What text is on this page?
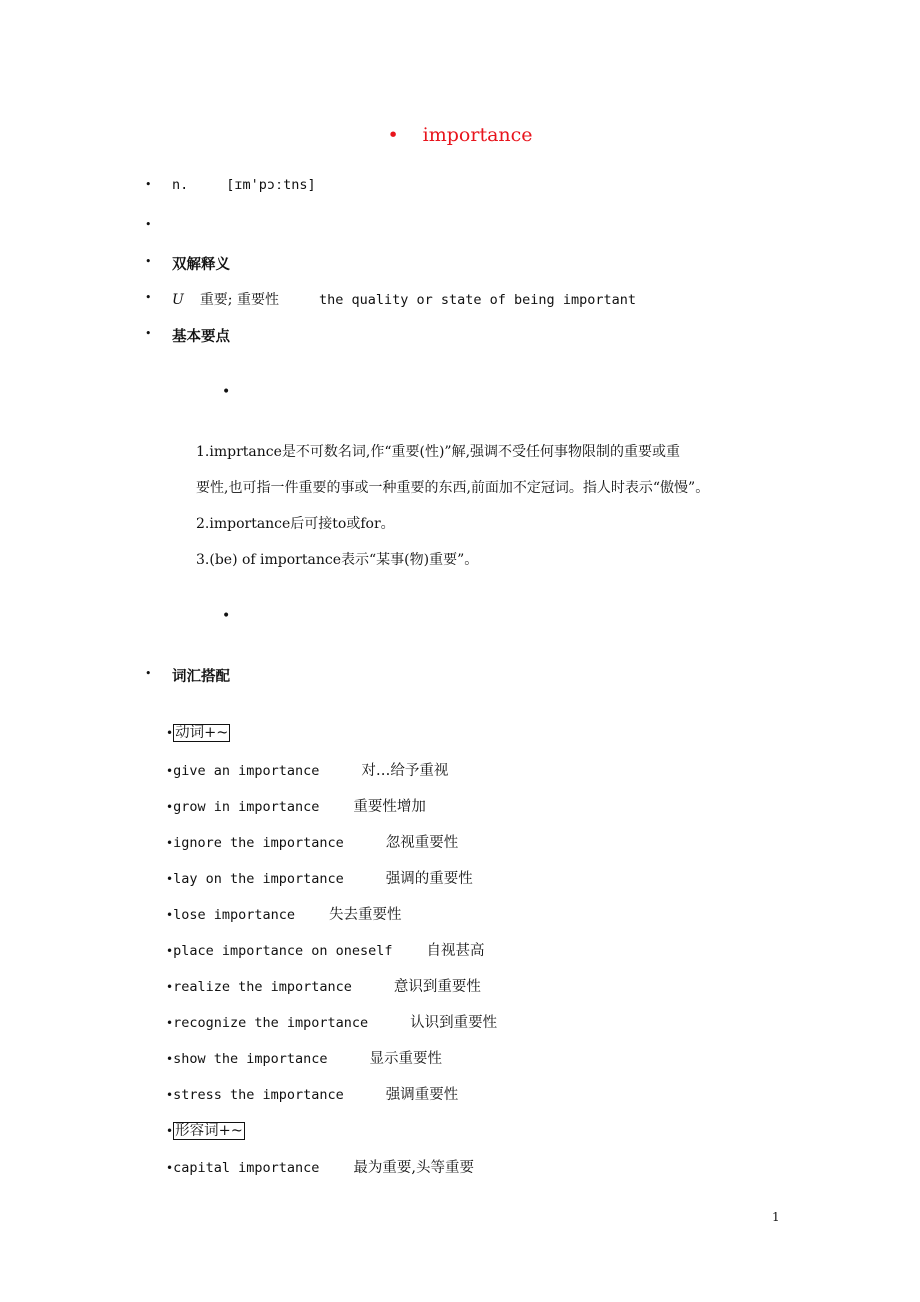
• importance
• n.	[ɪm'pɔːtns]
•
• 双解释义
• U 重要; 重要性	the quality or state of being important
• 基本要点
•
1.imprtance是不可数名词,作“重要(性)”解,强调不受任何事物限制的重要或重
要性,也可指一件重要的事或一种重要的东西,前面加不定冠词。指人时表示“傲慢”。
2.importance后可接to或for。
3.(be) of importance表示“某事(物)重要”。
•
• 词汇搭配
• 动词+~
•give an importance	对…给予重视
•grow in importance 重要性增加
•ignore the importance	忽视重要性
•lay on the importance	强调的重要性
•lose importance 失去重要性
•place importance on oneself 自视甚高
•realize the importance	意识到重要性
•recognize the importance	认识到重要性
•show the importance	显示重要性
•stress the importance	强调重要性
• 形容词+~
•capital importance 最为重要,头等重要
1
